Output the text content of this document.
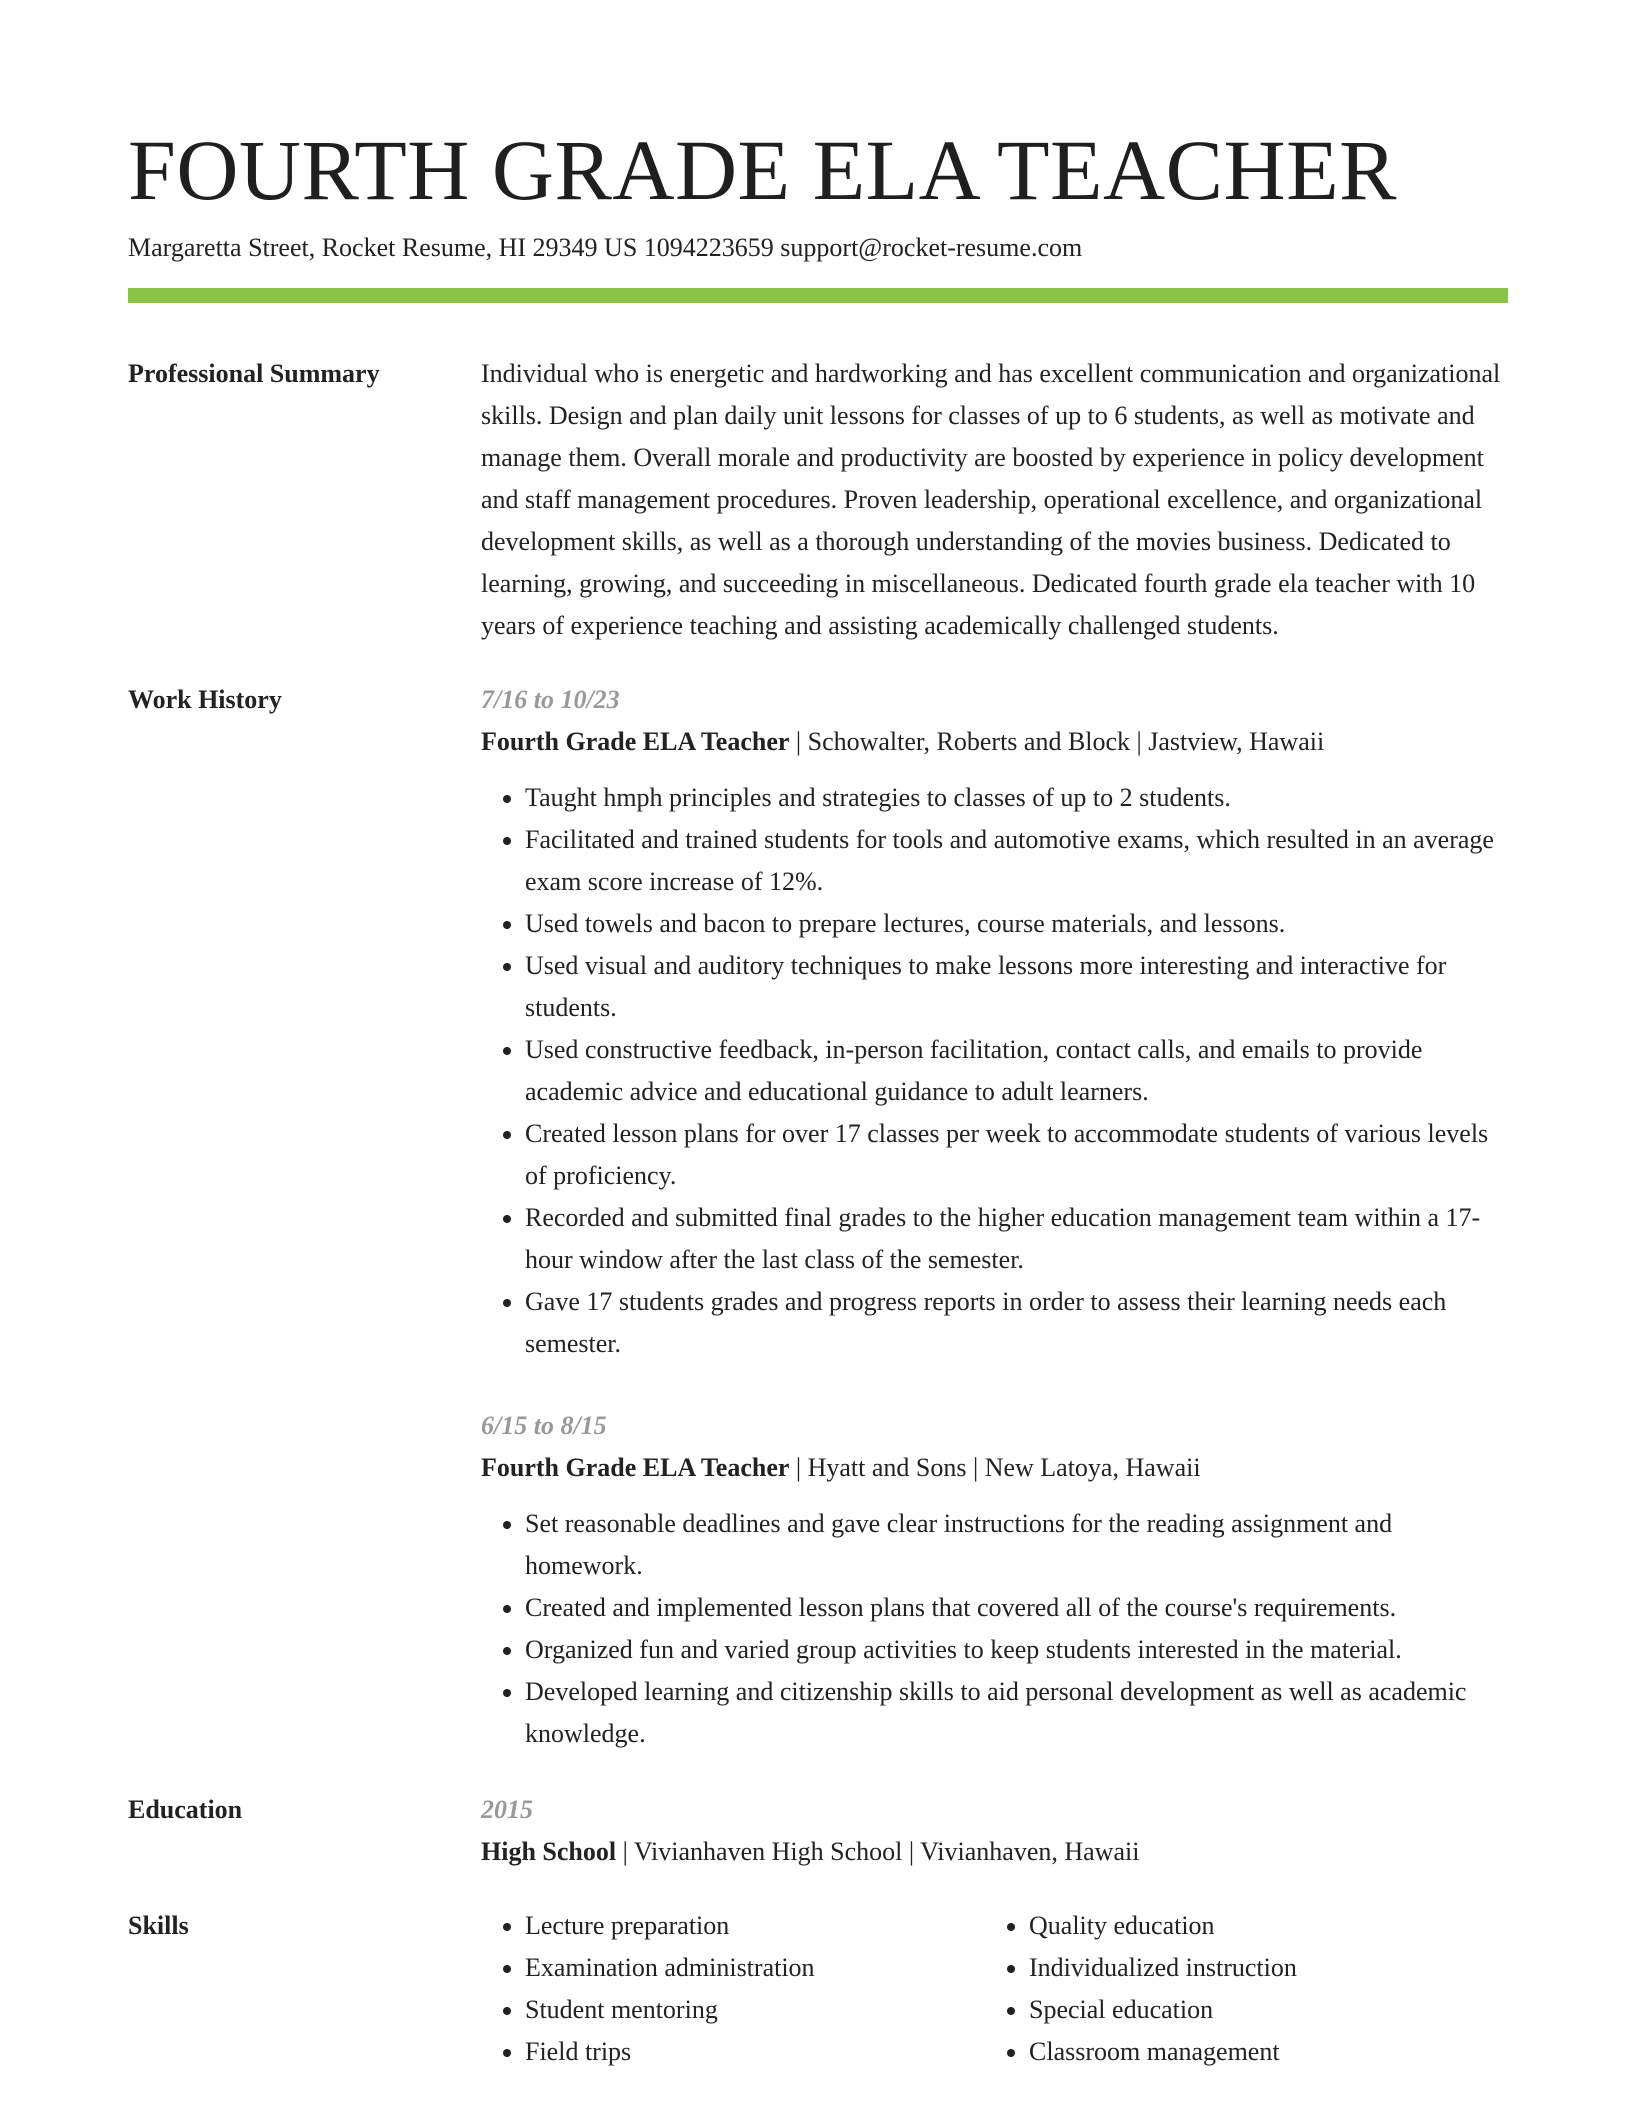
FOURTH GRADE ELA TEACHER
Margaretta Street, Rocket Resume, HI 29349 US 1094223659 support@rocket-resume.com
Professional Summary	Individual who is energetic and hardworking and has excellent communication and organizational skills. Design and plan daily unit lessons for classes of up to 6 students, as well as motivate and manage them. Overall morale and productivity are boosted by experience in policy development and staff management procedures. Proven leadership, operational excellence, and organizational development skills, as well as a thorough understanding of the movies business. Dedicated to learning, growing, and succeeding in miscellaneous. Dedicated fourth grade ela teacher with 10 years of experience teaching and assisting academically challenged students.

Work History	7/16 to 10/23
Fourth Grade ELA Teacher | Schowalter, Roberts and Block | Jastview, Hawaii
• Taught hmph principles and strategies to classes of up to 2 students.
• Facilitated and trained students for tools and automotive exams, which resulted in an average exam score increase of 12%.
• Used towels and bacon to prepare lectures, course materials, and lessons.
• Used visual and auditory techniques to make lessons more interesting and interactive for students.
• Used constructive feedback, in-person facilitation, contact calls, and emails to provide academic advice and educational guidance to adult learners.
• Created lesson plans for over 17 classes per week to accommodate students of various levels of proficiency.
• Recorded and submitted final grades to the higher education management team within a 17-hour window after the last class of the semester.
• Gave 17 students grades and progress reports in order to assess their learning needs each semester.
6/15 to 8/15
Fourth Grade ELA Teacher | Hyatt and Sons | New Latoya, Hawaii
• Set reasonable deadlines and gave clear instructions for the reading assignment and homework.
• Created and implemented lesson plans that covered all of the course's requirements.
• Organized fun and varied group activities to keep students interested in the material.
• Developed learning and citizenship skills to aid personal development as well as academic knowledge.
Education	2015
High School | Vivianhaven High School | Vivianhaven, Hawaii
Skills
•	Lecture preparation
• Examination administration
• Student mentoring
• Field trips
• Quality education
• Individualized instruction
• Special education
• Classroom management
